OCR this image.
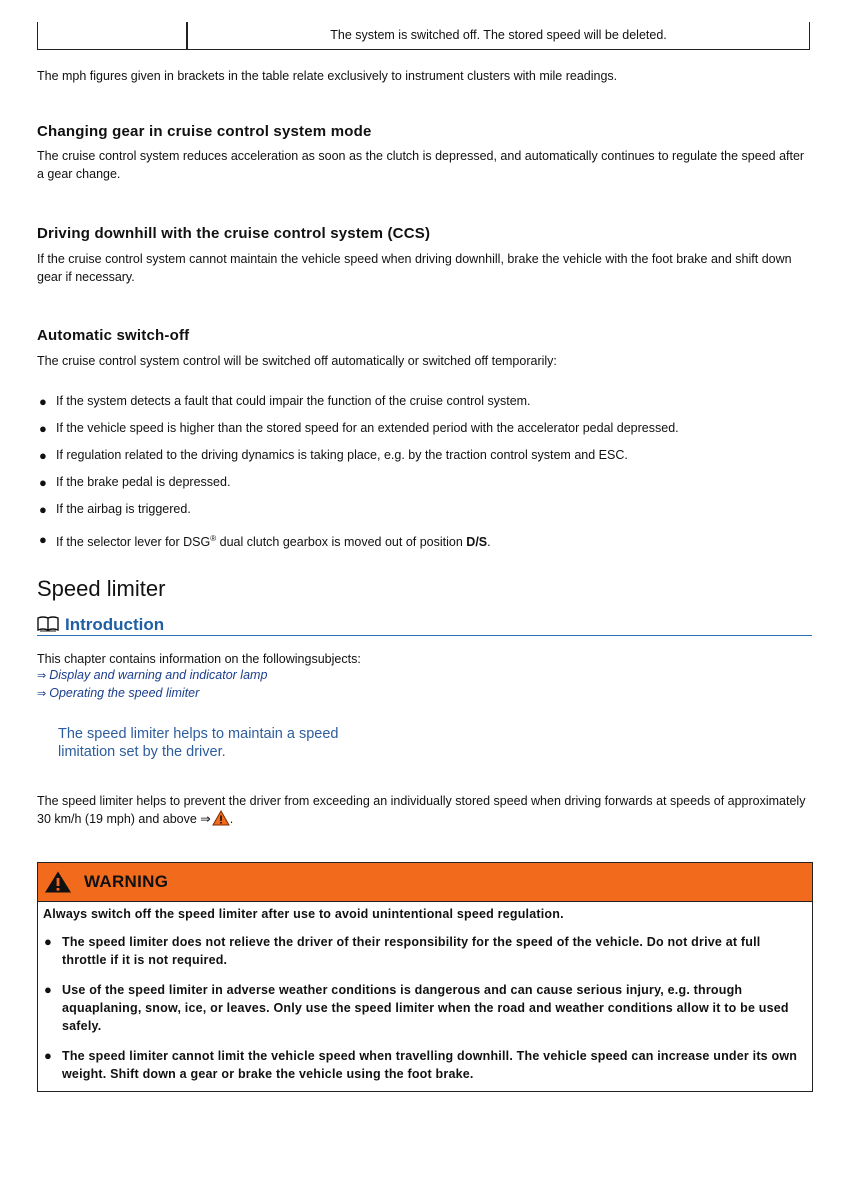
The system is switched off. The stored speed will be deleted.
The mph figures given in brackets in the table relate exclusively to instrument clusters with mile readings.
Changing gear in cruise control system mode
The cruise control system reduces acceleration as soon as the clutch is depressed, and automatically continues to regulate the speed after a gear change.
Driving downhill with the cruise control system (CCS)
If the cruise control system cannot maintain the vehicle speed when driving downhill, brake the vehicle with the foot brake and shift down gear if necessary.
Automatic switch-off
The cruise control system control will be switched off automatically or switched off temporarily:
● If the system detects a fault that could impair the function of the cruise control system.
● If the vehicle speed is higher than the stored speed for an extended period with the accelerator pedal depressed.
● If regulation related to the driving dynamics is taking place, e.g. by the traction control system and ESC.
● If the brake pedal is depressed.
● If the airbag is triggered.
● If the selector lever for DSG® dual clutch gearbox is moved out of position D/S.
Speed limiter
Introduction
This chapter contains information on the followingsubjects:
⇒ Display and warning and indicator lamp
⇒ Operating the speed limiter
The speed limiter helps to maintain a speed limitation set by the driver.
The speed limiter helps to prevent the driver from exceeding an individually stored speed when driving forwards at speeds of approximately
30 km/h (19 mph) and above ⇒ .
WARNING
Always switch off the speed limiter after use to avoid unintentional speed regulation.
● The speed limiter does not relieve the driver of their responsibility for the speed of the vehicle. Do not drive at full throttle if it is not required.
● Use of the speed limiter in adverse weather conditions is dangerous and can cause serious injury, e.g. through aquaplaning, snow, ice, or leaves. Only use the speed limiter when the road and weather conditions allow it to be used safely.
● The speed limiter cannot limit the vehicle speed when travelling downhill. The vehicle speed can increase under its own weight. Shift down a gear or brake the vehicle using the foot brake.
